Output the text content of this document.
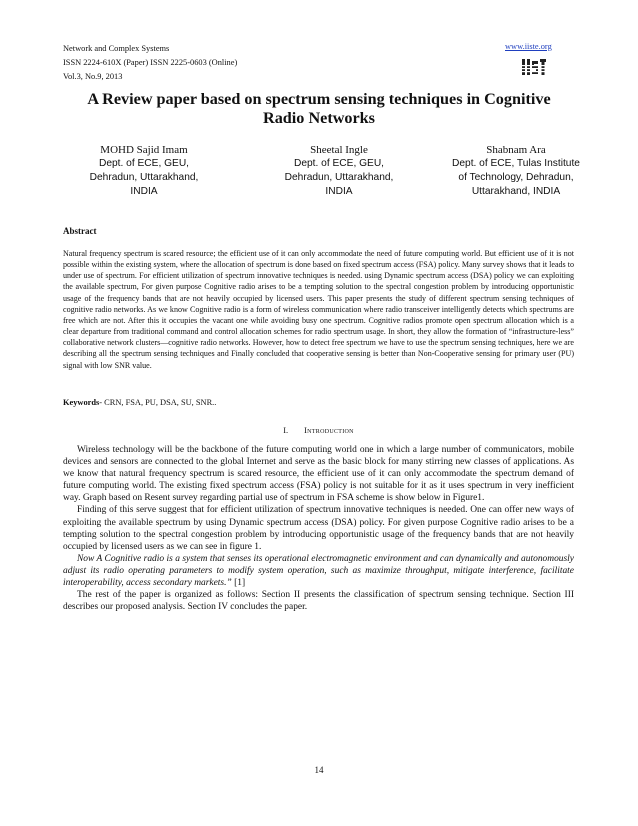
Network and Complex Systems
ISSN 2224-610X (Paper) ISSN 2225-0603 (Online)
Vol.3, No.9, 2013
www.iiste.org
A Review paper based on spectrum sensing techniques in Cognitive
Radio Networks
MOHD Sajid Imam
Dept. of ECE, GEU,
Dehradun, Uttarakhand,
INDIA
Sheetal Ingle
Dept. of ECE, GEU,
Dehradun, Uttarakhand,
INDIA
Shabnam Ara
Dept. of ECE, Tulas Institute
of Technology, Dehradun,
Uttarakhand, INDIA
Abstract
Natural frequency spectrum is scared resource; the efficient use of it can only accommodate the need of future computing world. But efficient use of it is not possible within the existing system, where the allocation of spectrum is done based on fixed spectrum access (FSA) policy. Many survey shows that it leads to under use of spectrum. For efficient utilization of spectrum innovative techniques is needed. using Dynamic spectrum access (DSA) policy we can exploiting the available spectrum, For given purpose Cognitive radio arises to be a tempting solution to the spectral congestion problem by introducing opportunistic usage of the frequency bands that are not heavily occupied by licensed users. This paper presents the study of different spectrum sensing techniques of cognitive radio networks. As we know Cognitive radio is a form of wireless communication where radio transceiver intelligently detects which spectrums are free which are not. After this it occupies the vacant one while avoiding busy one spectrum. Cognitive radios promote open spectrum allocation which is a clear departure from traditional command and control allocation schemes for radio spectrum usage. In short, they allow the formation of “infrastructure-less” collaborative network clusters—cognitive radio networks. However, how to detect free spectrum we have to use the spectrum sensing techniques, here we are describing all the spectrum sensing techniques and Finally concluded that cooperative sensing is better than Non-Cooperative sensing for primary user (PU) signal with low SNR value.
Keywords- CRN, FSA, PU, DSA, SU, SNR..
I. Introduction

Wireless technology will be the backbone of the future computing world one in which a large number of communicators, mobile devices and sensors are connected to the global Internet and serve as the basic block for many stirring new classes of applications. As we know that natural frequency spectrum is scared resource, the efficient use of it can only accommodate the spectrum demand of future computing world. The existing fixed spectrum access (FSA) policy is not suitable for it as it uses spectrum in very inefficient way. Graph based on Resent survey regarding partial use of spectrum in FSA scheme is show below in Figure1.

Finding of this serve suggest that for efficient utilization of spectrum innovative techniques is needed. One can offer new ways of exploiting the available spectrum by using Dynamic spectrum access (DSA) policy. For given purpose Cognitive radio arises to be a tempting solution to the spectral congestion problem by introducing opportunistic usage of the frequency bands that are not heavily occupied by licensed users as we can see in figure 1.

Now A Cognitive radio is a system that senses its operational electromagnetic environment and can dynamically and autonomously adjust its radio operating parameters to modify system operation, such as maximize throughput, mitigate interference, facilitate interoperability, access secondary markets.” [1]

The rest of the paper is organized as follows: Section II presents the classification of spectrum sensing technique. Section III describes our proposed analysis. Section IV concludes the paper.

14
